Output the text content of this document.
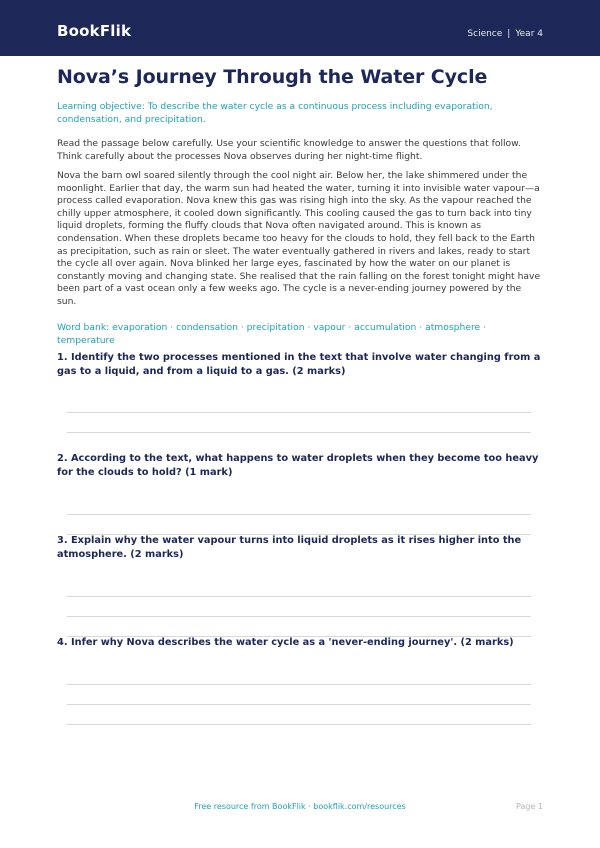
BookFlik	Science | Year 4
Nova’s Journey Through the Water Cycle

Learning objective: To describe the water cycle as a continuous process including evaporation, condensation, and precipitation.

Read the passage below carefully. Use your scientific knowledge to answer the questions that follow. Think carefully about the processes Nova observes during her night-time flight.

Nova the barn owl soared silently through the cool night air. Below her, the lake shimmered under the moonlight. Earlier that day, the warm sun had heated the water, turning it into invisible water vapour—a process called evaporation. Nova knew this gas was rising high into the sky. As the vapour reached the chilly upper atmosphere, it cooled down significantly. This cooling caused the gas to turn back into tiny liquid droplets, forming the fluffy clouds that Nova often navigated around. This is known as condensation. When these droplets became too heavy for the clouds to hold, they fell back to the Earth as precipitation, such as rain or sleet. The water eventually gathered in rivers and lakes, ready to start the cycle all over again. Nova blinked her large eyes, fascinated by how the water on our planet is constantly moving and changing state. She realised that the rain falling on the forest tonight might have been part of a vast ocean only a few weeks ago. The cycle is a never-ending journey powered by the sun.

Word bank: evaporation · condensation · precipitation · vapour · accumulation · atmosphere · temperature

1. Identify the two processes mentioned in the text that involve water changing from a gas to a liquid, and from a liquid to a gas. (2 marks)

2. According to the text, what happens to water droplets when they become too heavy for the clouds to hold? (1 mark)

3. Explain why the water vapour turns into liquid droplets as it rises higher into the atmosphere. (2 marks)

4. Infer why Nova describes the water cycle as a 'never-ending journey'. (2 marks)

Free resource from BookFlik · bookflik.com/resources	Page 1
